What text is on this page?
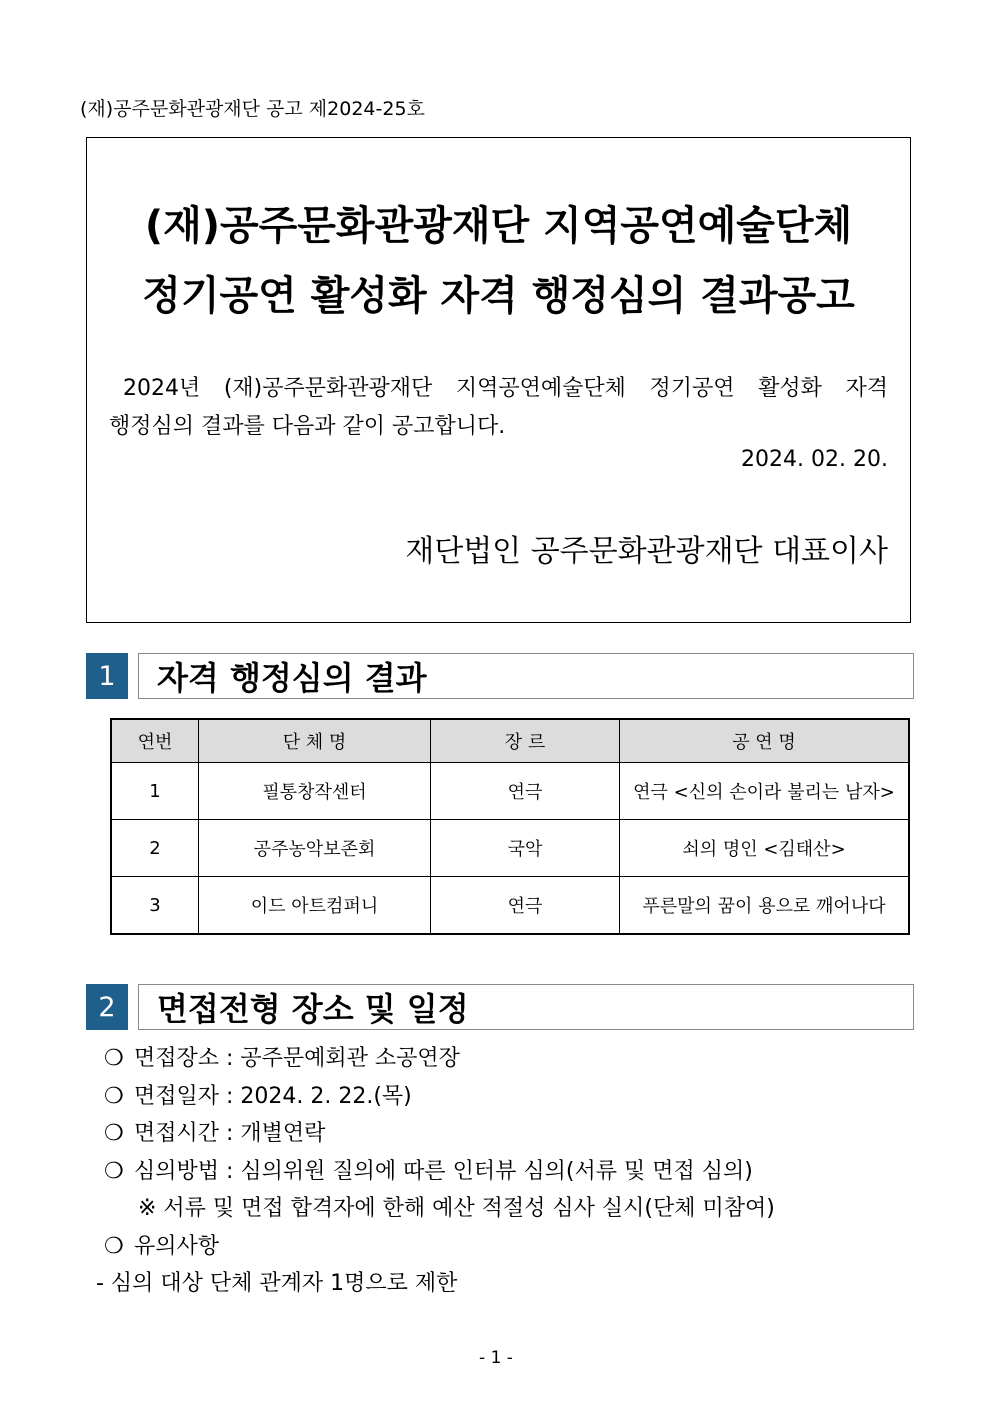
(재)공주문화관광재단 공고 제2024-25호
(재)공주문화관광재단 지역공연예술단체
정기공연 활성화 자격 행정심의 결과공고
2024년 (재)공주문화관광재단 지역공연예술단체 정기공연 활성화 자격
행정심의 결과를 다음과 같이 공고합니다.
2024. 02. 20.
재단법인 공주문화관광재단 대표이사
1	자격 행정심의 결과
연번	단 체 명	장 르	공 연 명
1	필통창작센터	연극	연극 <신의 손이라 불리는 남자>
2	공주농악보존회	국악	쇠의 명인 <김태산>
3	이드 아트컴퍼니	연극	푸른말의 꿈이 용으로 깨어나다
2	면접전형 장소 및 일정
❍ 면접장소 : 공주문예회관 소공연장
❍ 면접일자 : 2024. 2. 22.(목)
❍ 면접시간 : 개별연락
❍ 심의방법 : 심의위원 질의에 따른 인터뷰 심의(서류 및 면접 심의)
※ 서류 및 면접 합격자에 한해 예산 적절성 심사 실시(단체 미참여)
❍ 유의사항
- 심의 대상 단체 관계자 1명으로 제한
- 1 -
